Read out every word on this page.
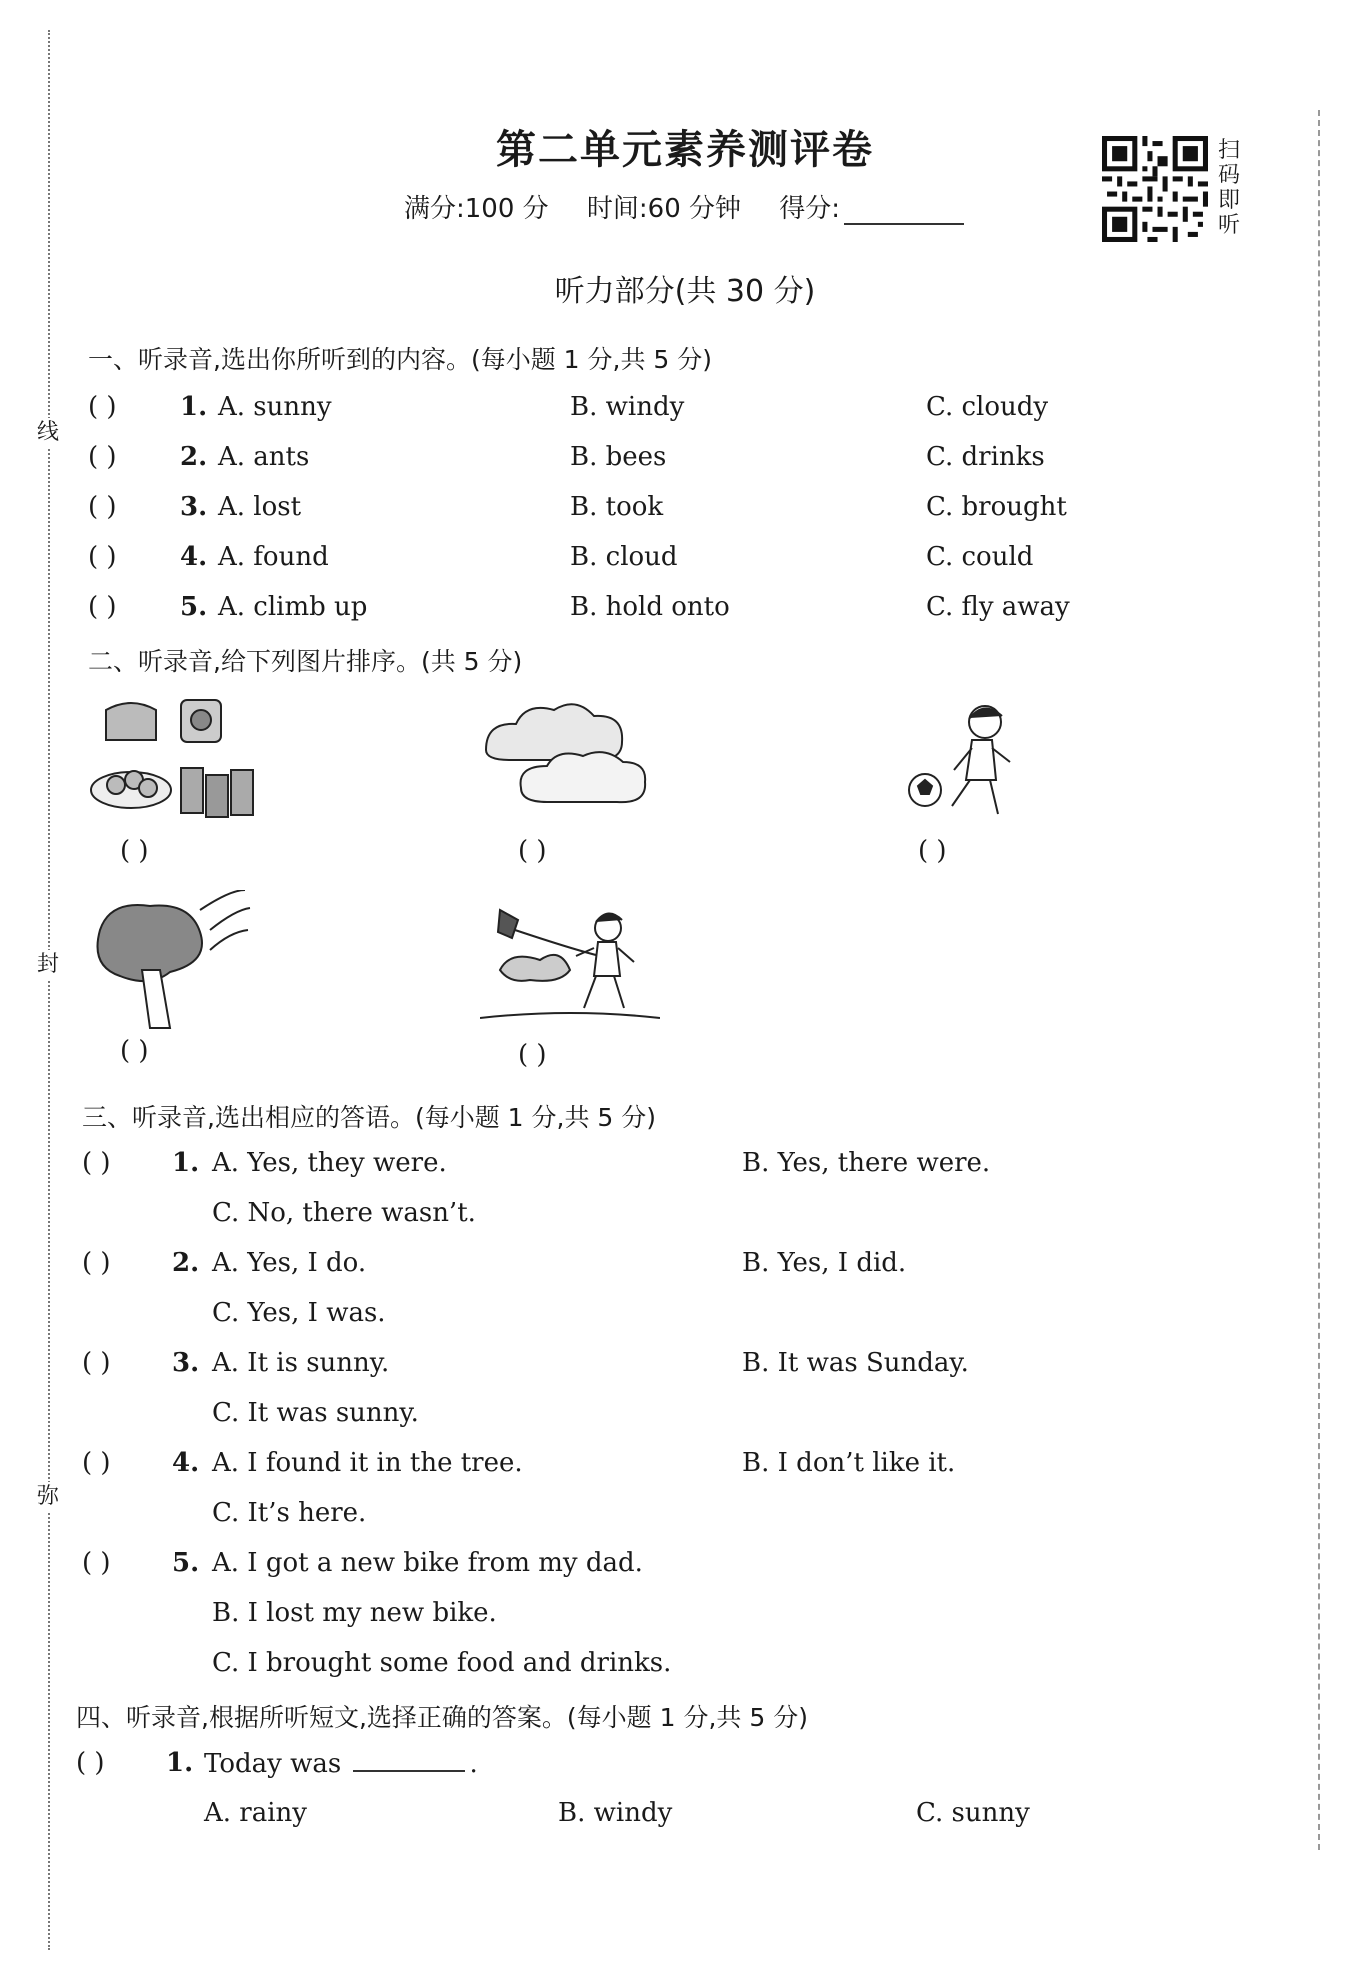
线
封
弥
第二单元素养测评卷
满分:100 分 时间:60 分钟 得分:
扫
码
即
听
听力部分(共 30 分)
一、听录音,选出你所听到的内容。(每小题 1 分,共 5 分)
( ) 1. A. sunny	B. windy	C. cloudy
( ) 2. A. ants	B. bees	C. drinks
( ) 3. A. lost	B. took	C. brought
( ) 4. A. found	B. cloud	C. could
( ) 5. A. climb up	B. hold onto	C. fly away
二、听录音,给下列图片排序。(共 5 分)
( )	( )	( )
( )	( )
三、听录音,选出相应的答语。(每小题 1 分,共 5 分)
( ) 1. A. Yes, they were.	B. Yes, there were.
C. No, there wasn’t.
( ) 2. A. Yes, I do.	B. Yes, I did.
C. Yes, I was.
( ) 3. A. It is sunny.	B. It was Sunday.
C. It was sunny.
( ) 4. A. I found it in the tree.	B. I don’t like it.
C. It’s here.
( ) 5. A. I got a new bike from my dad.
B. I lost my new bike.
C. I brought some food and drinks.
四、听录音,根据所听短文,选择正确的答案。(每小题 1 分,共 5 分)
( ) 1. Today was	.
A. rainy	B. windy	C. sunny
